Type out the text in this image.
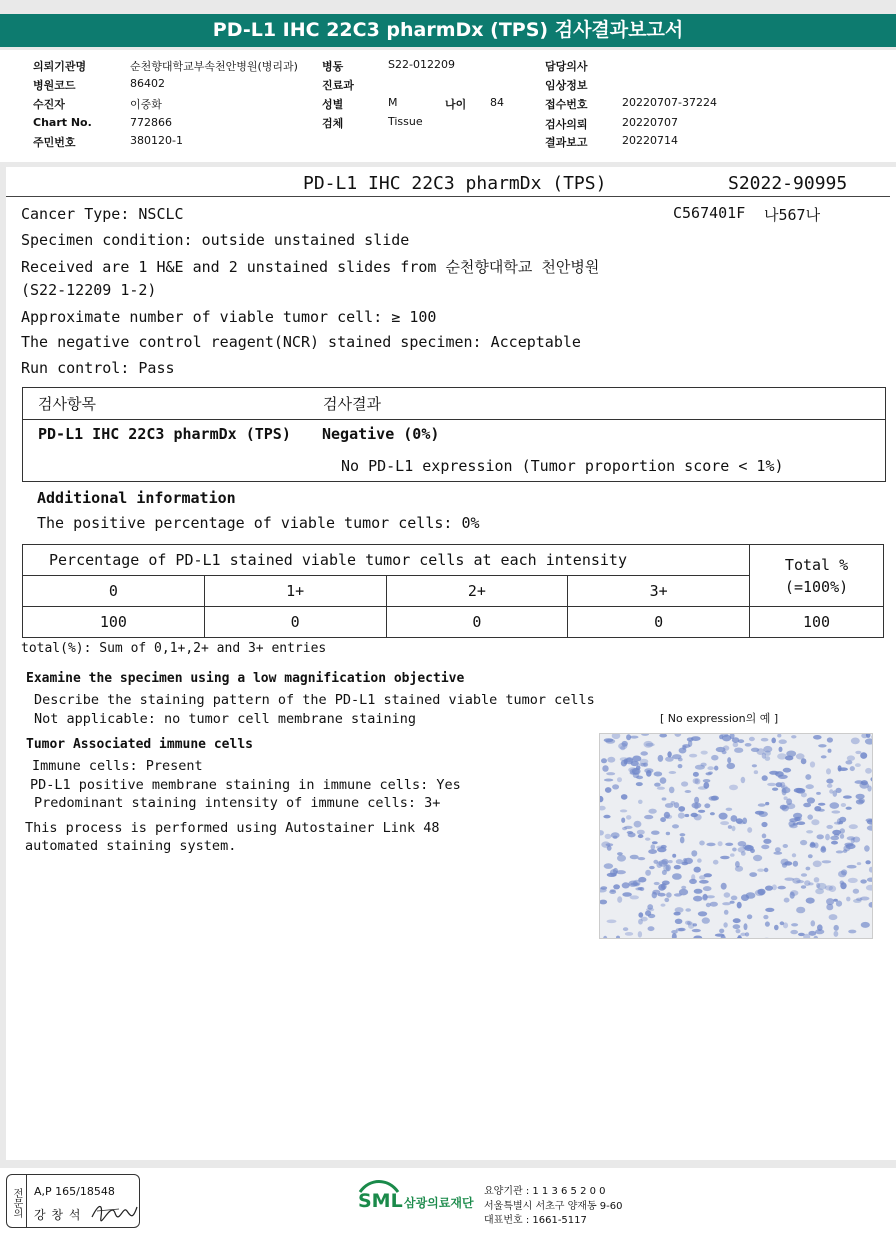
PD-L1 IHC 22C3 pharmDx (TPS) 검사결과보고서
의뢰기관명	순천향대학교부속천안병원(병리과) 병동	S22-012209	담당의사
병원코드	86402	진료과	임상정보
수진자	이중화	성별	M	나이 84	접수번호	20220707-37224
Chart No.	772866	검체	Tissue	검사의뢰	20220707
주민번호	380120-1	결과보고	20220714
PD-L1 IHC 22C3 pharmDx (TPS)	S2022-90995
C567401F 나567나
Cancer Type: NSCLC
Specimen condition: outside unstained slide
Received are 1 H&E and 2 unstained slides from 순천향대학교 천안병원
(S22-12209 1-2)
Approximate number of viable tumor cell: ≥ 100
The negative control reagent(NCR) stained specimen: Acceptable
Run control: Pass
검사항목	검사결과
PD-L1 IHC 22C3 pharmDx (TPS) Negative (0%)
No PD-L1 expression (Tumor proportion score < 1%)
Additional information
The positive percentage of viable tumor cells: 0%
Percentage of PD-L1 stained viable tumor cells at each intensity				Total %
(=100%)

0	1+	2+	3+	
100	0	0	0	100
total(%): Sum of 0,1+,2+ and 3+ entries
Examine the specimen using a low magnification objective
Describe the staining pattern of the PD-L1 stained viable tumor cells
Not applicable: no tumor cell membrane staining	[ No expression의 예 ]
Tumor Associated immune cells
Immune cells: Present
PD-L1 positive membrane staining in immune cells: Yes
Predominant staining intensity of immune cells: 3+
This process is performed using Autostainer Link 48
automated staining system.
전문의	A,P 165/18548
강 창 석
SML 삼광의료재단
요양기관 : 1 1 3 6 5 2 0 0
서울특별시 서초구 양재동 9-60
대표번호 : 1661-5117
